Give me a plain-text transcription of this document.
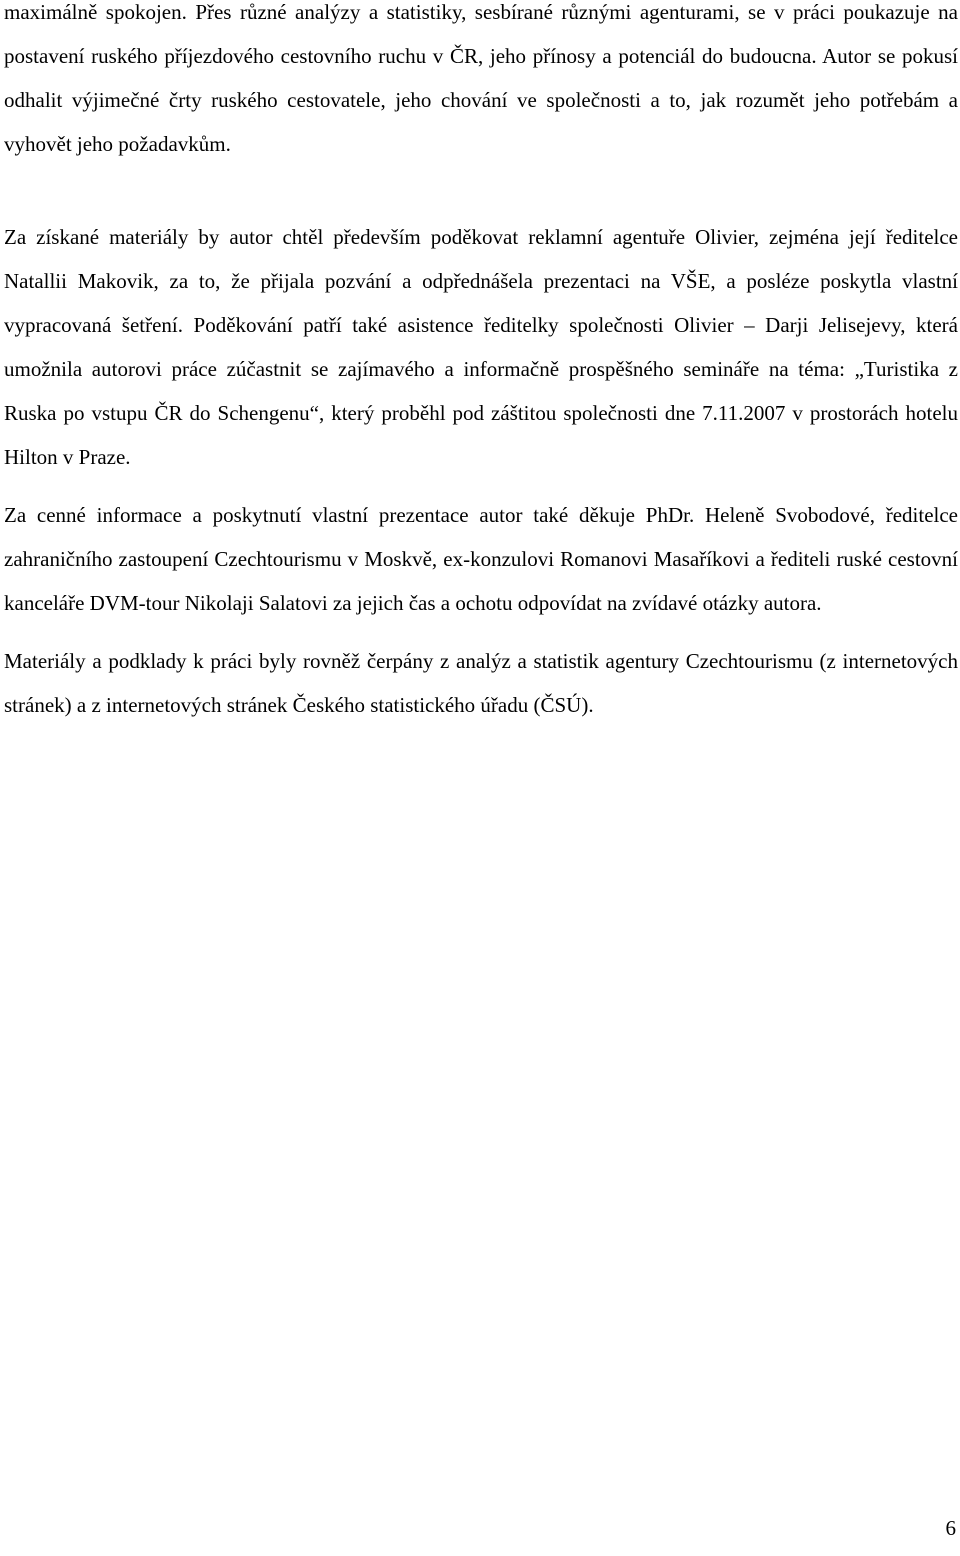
maximálně spokojen. Přes různé analýzy a statistiky, sesbírané různými agenturami, se v práci poukazuje na postavení ruského příjezdového cestovního ruchu v ČR, jeho přínosy a potenciál do budoucna. Autor se pokusí odhalit výjimečné črty ruského cestovatele, jeho chování ve společnosti a to, jak rozumět jeho potřebám a vyhovět jeho požadavkům.

Za získané materiály by autor chtěl především poděkovat reklamní agentuře Olivier, zejména její ředitelce Natallii Makovik, za to, že přijala pozvání a odpřednášela prezentaci na VŠE, a posléze poskytla vlastní vypracovaná šetření. Poděkování patří také asistence ředitelky společnosti Olivier – Darji Jelisejevy, která umožnila autorovi práce zúčastnit se zajímavého a informačně prospěšného semináře na téma: „Turistika z Ruska po vstupu ČR do Schengenu“, který proběhl pod záštitou společnosti dne 7.11.2007 v prostorách hotelu Hilton v Praze.

Za cenné informace a poskytnutí vlastní prezentace autor také děkuje PhDr. Heleně Svobodové, ředitelce zahraničního zastoupení Czechtourismu v Moskvě, ex-konzulovi Romanovi Masaříkovi a řediteli ruské cestovní kanceláře DVM-tour Nikolaji Salatovi za jejich čas a ochotu odpovídat na zvídavé otázky autora.

Materiály a podklady k práci byly rovněž čerpány z analýz a statistik agentury Czechtourismu (z internetových stránek) a z internetových stránek Českého statistického úřadu (ČSÚ).

6
